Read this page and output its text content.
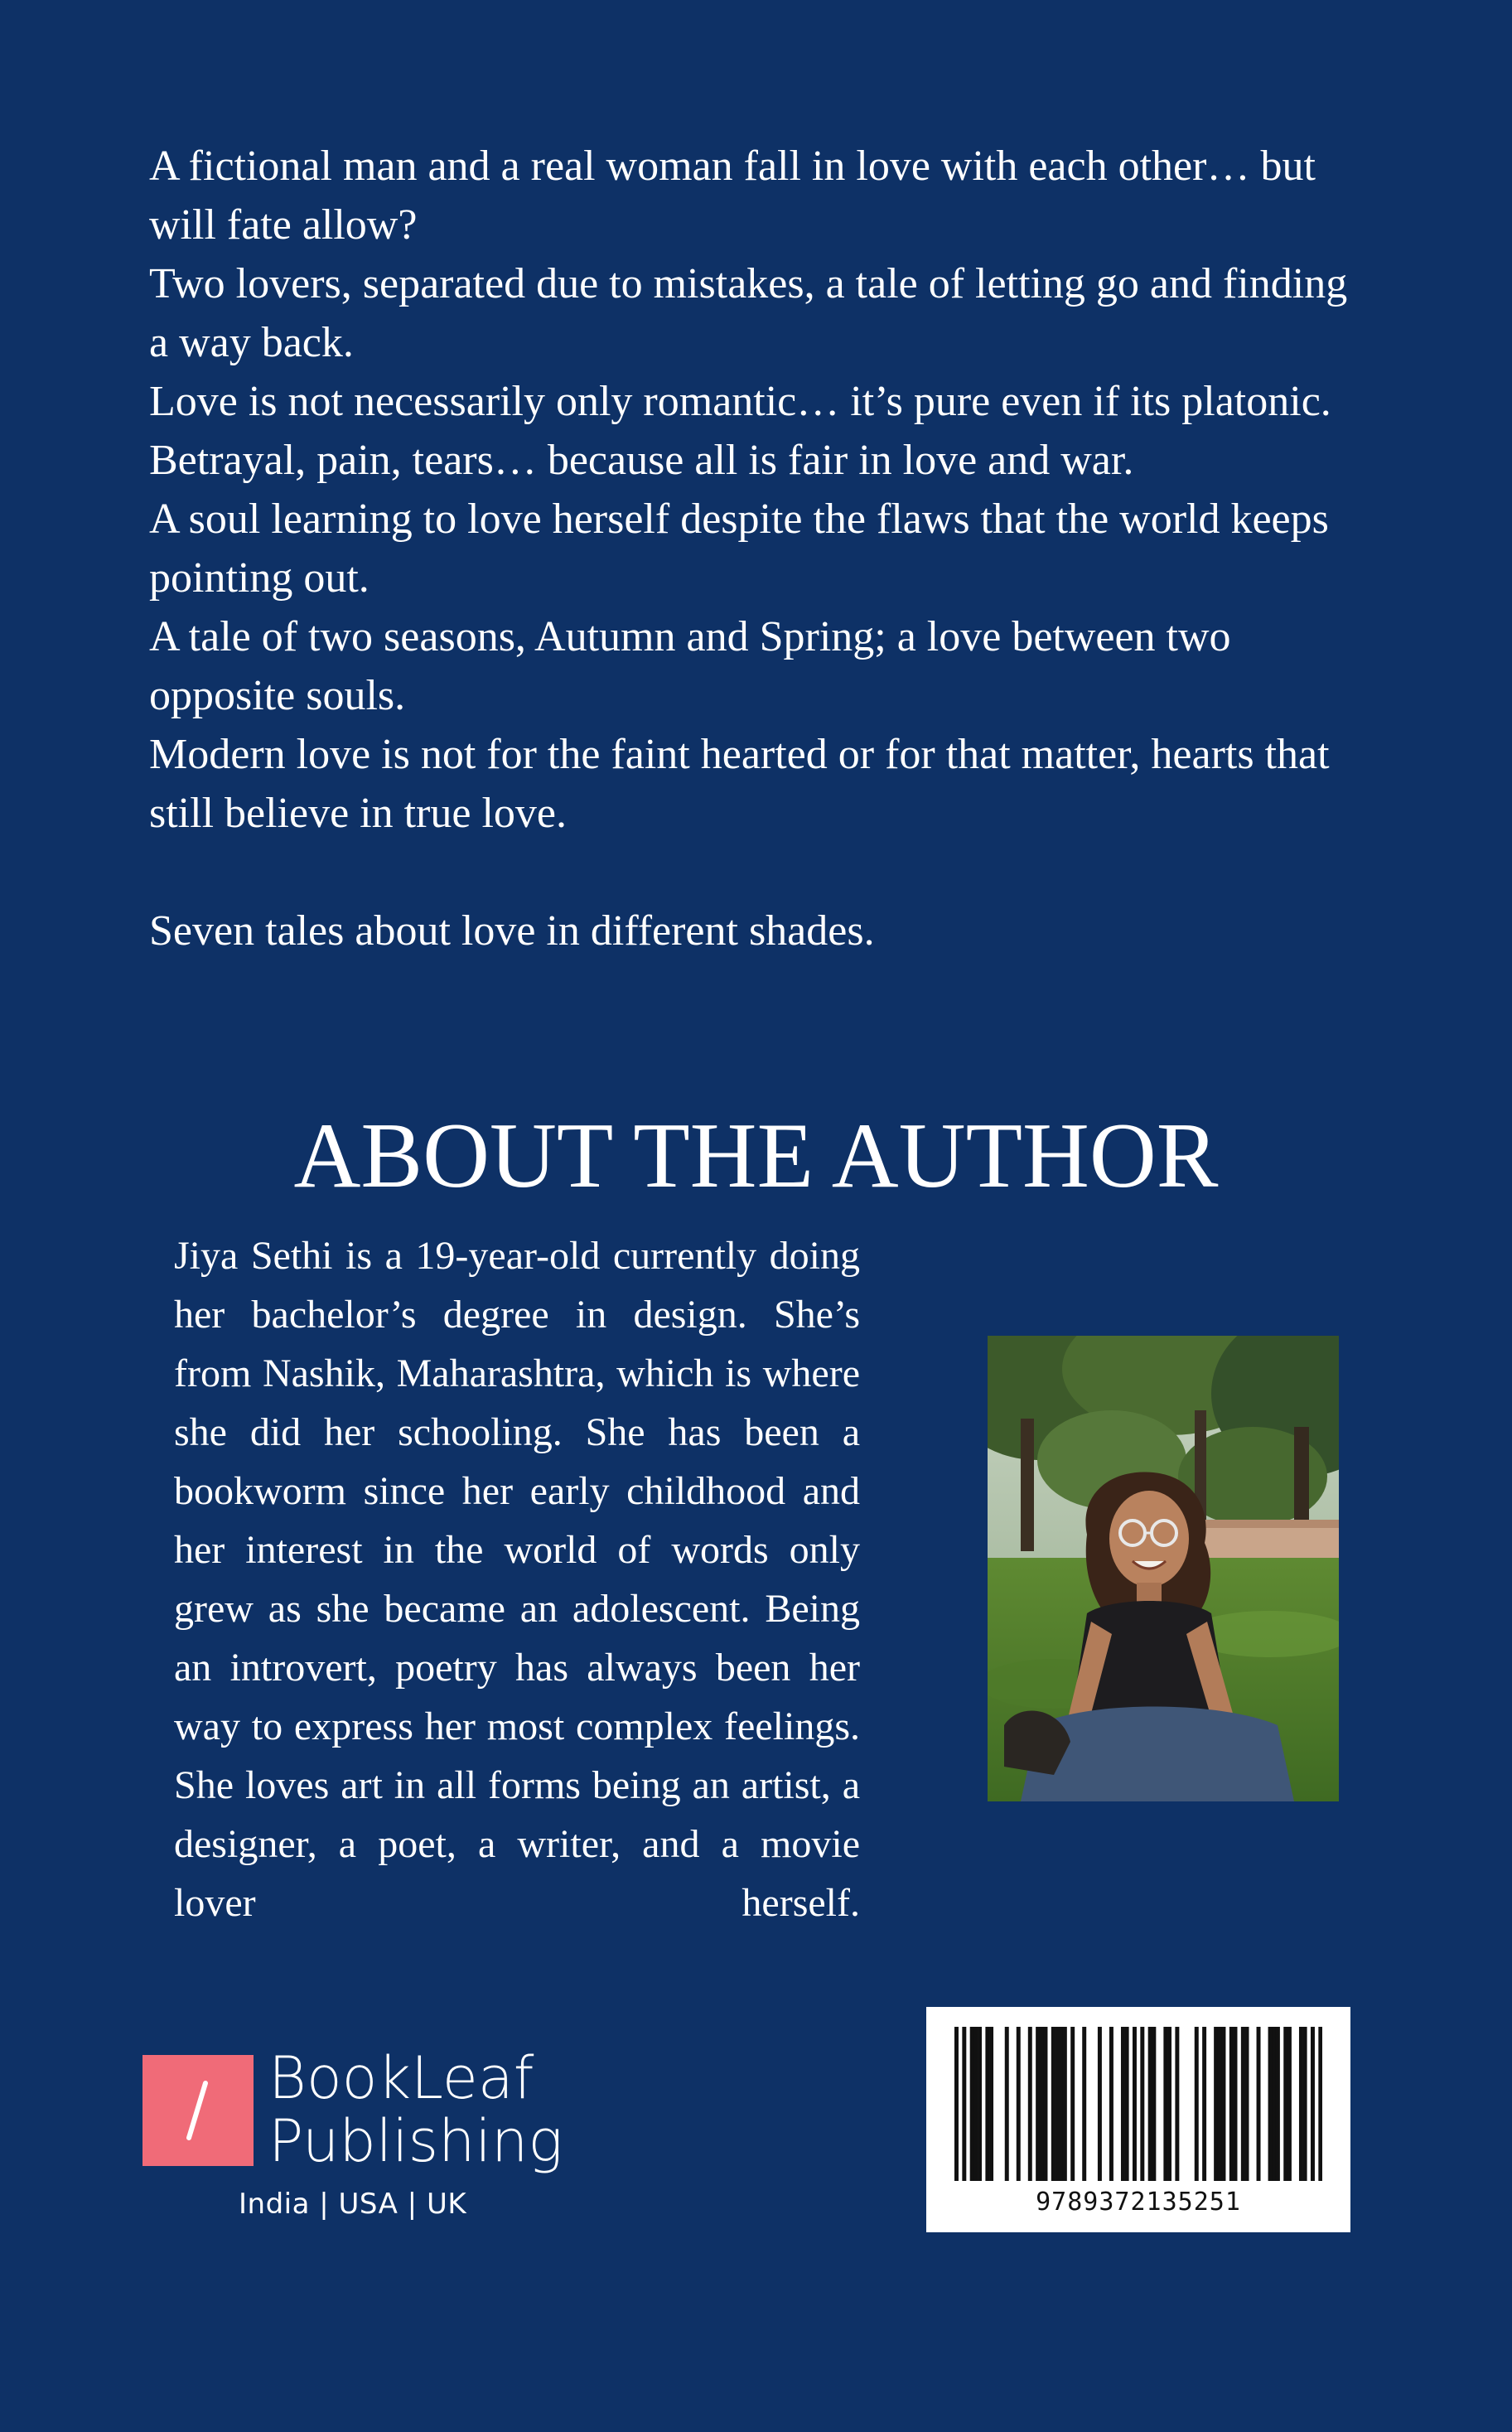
A fictional man and a real woman fall in love with each other… but will fate allow?

Two lovers, separated due to mistakes, a tale of letting go and finding a way back.

Love is not necessarily only romantic… it’s pure even if its platonic.

Betrayal, pain, tears… because all is fair in love and war.

A soul learning to love herself despite the flaws that the world keeps pointing out.

A tale of two seasons, Autumn and Spring; a love between two opposite souls.

Modern love is not for the faint hearted or for that matter, hearts that still believe in true love.

Seven tales about love in different shades.

ABOUT THE AUTHOR

Jiya Sethi is a 19-year-old currently doing her bachelor’s degree in design. She’s from Nashik, Maharashtra, which is where she did her schooling. She has been a bookworm since her early childhood and her interest in the world of words only grew as she became an adolescent. Being an introvert, poetry has always been her way to express her most complex feelings. She loves art in all forms being an artist, a designer, a poet, a writer, and a movie lover herself.

BookLeaf
Publishing
India | USA | UK	9789372135251
